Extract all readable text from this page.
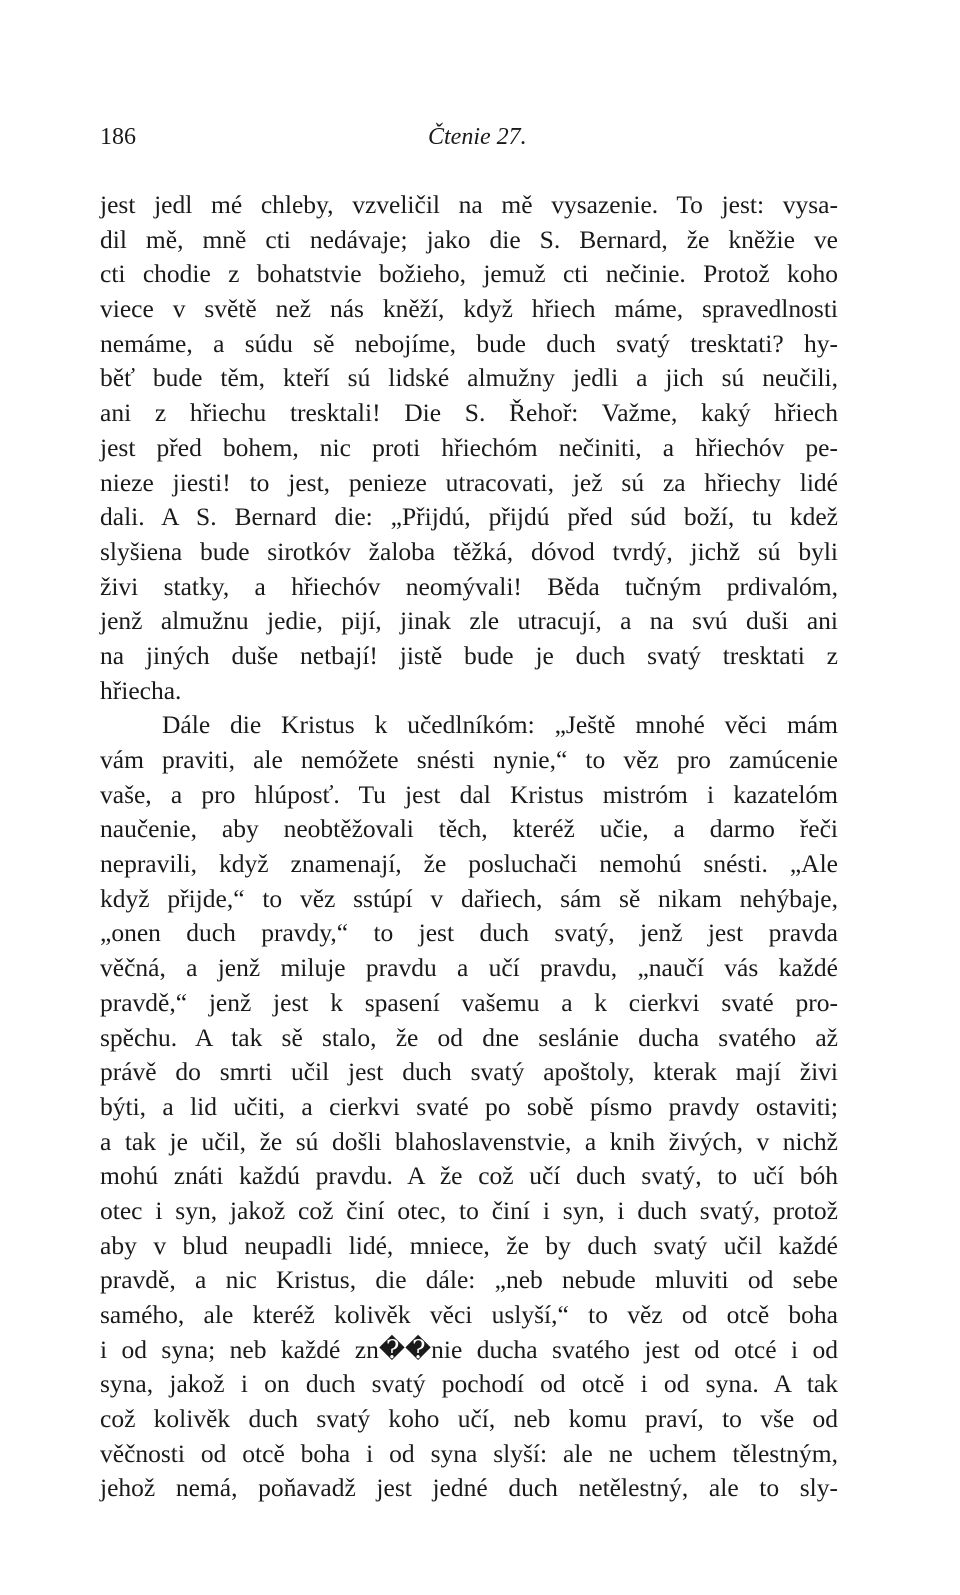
186	Čtenie 27.
jest jedl mé chleby, vzveličil na mě vysazenie. To jest: vysa-
dil mě, mně cti nedávaje; jako die S. Bernard, že kněžie ve
cti chodie z bohatstvie božieho, jemuž cti nečinie. Protož koho
viece v světě než nás kněží, když hřiech máme, spravedlnosti
nemáme, a súdu sě nebojíme, bude duch svatý tresktati? hy-
běť bude těm, kteří sú lidské almužny jedli a jich sú neučili,
ani z hřiechu tresktali! Die S. Řehoř: Važme, kaký hřiech
jest před bohem, nic proti hřiechóm nečiniti, a hřiechóv pe-
nieze jiesti! to jest, penieze utracovati, jež sú za hřiechy lidé
dali. A S. Bernard die: „Přijdú, přijdú před súd boží, tu kdež
slyšiena bude sirotkóv žaloba těžká, dóvod tvrdý, jichž sú byli
živi statky, a hřiechóv neomývali! Běda tučným prdivalóm,
jenž almužnu jedie, pijí, jinak zle utracují, a na svú duši ani
na jiných duše netbají! jistě bude je duch svatý tresktati z
hřiecha.
Dále die Kristus k učedlníkóm: „Ještě mnohé věci mám
vám praviti, ale nemóžete snésti nynie,“ to věz pro zamúcenie
vaše, a pro hlúposť. Tu jest dal Kristus mistróm i kazatelóm
naučenie, aby neobtěžovali těch, kteréž učie, a darmo řeči
nepravili, když znamenají, že posluchači nemohú snésti. „Ale
když přijde,“ to věz sstúpí v dařiech, sám sě nikam nehýbaje,
„onen duch pravdy,“ to jest duch svatý, jenž jest pravda
věčná, a jenž miluje pravdu a učí pravdu, „naučí vás každé
pravdě,“ jenž jest k spasení vašemu a k cierkvi svaté pro-
spěchu. A tak sě stalo, že od dne seslánie ducha svatého až
právě do smrti učil jest duch svatý apoštoly, kterak mají živi
býti, a lid učiti, a cierkvi svaté po sobě písmo pravdy ostaviti;
a tak je učil, že sú došli blahoslavenstvie, a knih živých, v nichž
mohú znáti každú pravdu. A že což učí duch svatý, to učí bóh
otec i syn, jakož což činí otec, to činí i syn, i duch svatý, protož
aby v blud neupadli lidé, mniece, že by duch svatý učil každé
pravdě, a nic Kristus, die dále: „neb nebude mluviti od sebe
samého, ale kteréž kolivěk věci uslyší,“ to věz od otcě boha
i od syna; neb každé zn��nie ducha svatého jest od otcé i od
syna, jakož i on duch svatý pochodí od otcě i od syna. A tak
což kolivěk duch svatý koho učí, neb komu praví, to vše od
věčnosti od otcě boha i od syna slyší: ale ne uchem tělestným,
jehož nemá, poňavadž jest jedné duch netělestný, ale to sly-
